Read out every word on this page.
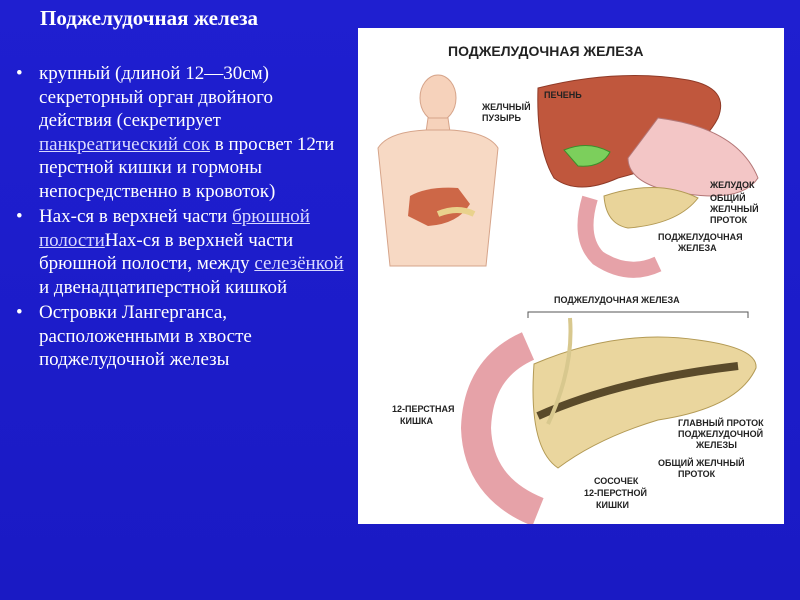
Поджелудочная железа
• крупный (длиной 12—30см) секреторный орган двойного действия (секретирует панкреатический сок в просвет 12ти перстной кишки и гормоны непосредственно в кровоток)
• Нах-ся в верхней части брюшной полостиНах-ся в верхней части брюшной полости, между селезёнкой и двенадцатиперстной кишкой
• Островки Лангерганса, расположенными в хвосте поджелудочной железы
ПОДЖЕЛУДОЧНАЯ ЖЕЛЕЗА
ПЕЧЕНЬ
ЖЕЛЧНЫЙ
ПУЗЫРЬ
ЖЕЛУДОК
ОБЩИЙ
ЖЕЛЧНЫЙ
ПРОТОК
ПОДЖЕЛУДОЧНАЯ
ЖЕЛЕЗА
ПОДЖЕЛУДОЧНАЯ ЖЕЛЕЗА
12-ПЕРСТНАЯ
КИШКА	ГЛАВНЫЙ ПРОТОК
ПОДЖЕЛУДОЧНОЙ
ЖЕЛЕЗЫ
ОБЩИЙ ЖЕЛЧНЫЙ
ПРОТОК
СОСОЧЕК
12-ПЕРСТНОЙ
КИШКИ
